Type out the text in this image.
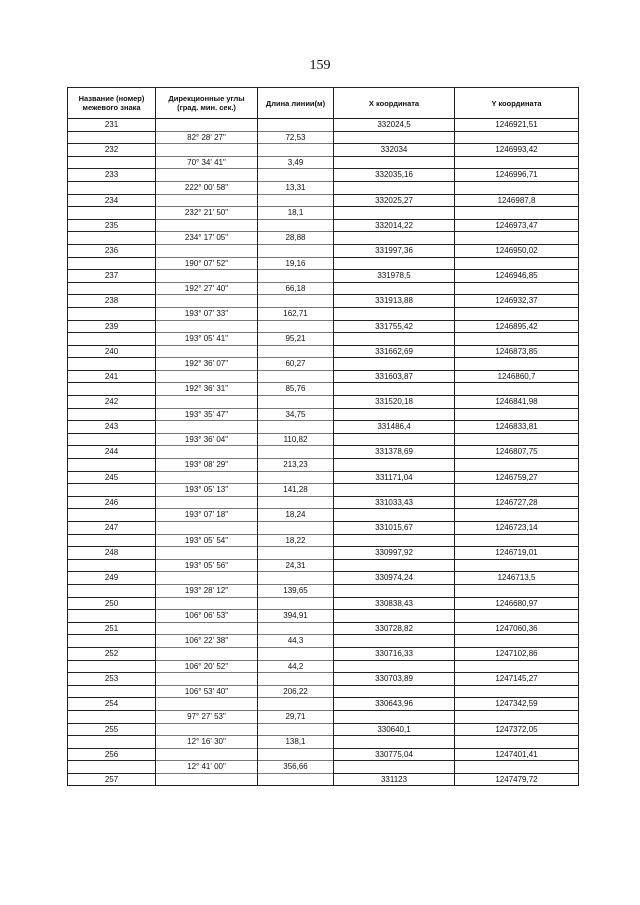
159
Название (номер) межевого знака	Дирекционные углы (град. мин. сек.)	Длина линии(м)	X координата	Y координата
231			332024,5	1246921,51
	82° 28' 27"	72,53		
232			332034	1246993,42
	70° 34' 41"	3,49		
233			332035,16	1246996,71
	222° 00' 58"	13,31		
234			332025,27	1246987,8
	232° 21' 50"	18,1		
235			332014,22	1246973,47
	234° 17' 05"	28,88		
236			331997,36	1246950,02
	190° 07' 52"	19,16		
237			331978,5	1246946,85
	192° 27' 40"	66,18		
238			331913,88	1246932,37
	193° 07' 33"	162,71		
239			331755,42	1246895,42
	193° 05' 41"	95,21		
240			331662,69	1246873,85
	192° 36' 07"	60,27		
241			331603,87	1246860,7
	192° 36' 31"	85,76		
242			331520,18	1246841,98
	193° 35' 47"	34,75		
243			331486,4	1246833,81
	193° 36' 04"	110,82		
244			331378,69	1246807,75
	193° 08' 29"	213,23		
245			331171,04	1246759,27
	193° 05' 13"	141,28		
246			331033,43	1246727,28
	193° 07' 18"	18,24		
247			331015,67	1246723,14
	193° 05' 54"	18,22		
248			330997,92	1246719,01
	193° 05' 56"	24,31		
249			330974,24	1246713,5
	193° 28' 12"	139,65		
250			330838,43	1246680,97
	106° 06' 53"	394,91		
251			330728,82	1247060,36
	106° 22' 38"	44,3		
252			330716,33	1247102,86
	106° 20' 52"	44,2		
253			330703,89	1247145,27
	106° 53' 40"	206,22		
254			330643,96	1247342,59
	97° 27' 53"	29,71		
255			330640,1	1247372,05
	12° 16' 30"	138,1		
256			330775,04	1247401,41
	12° 41' 00"	356,66		
257			331123	1247479,72
